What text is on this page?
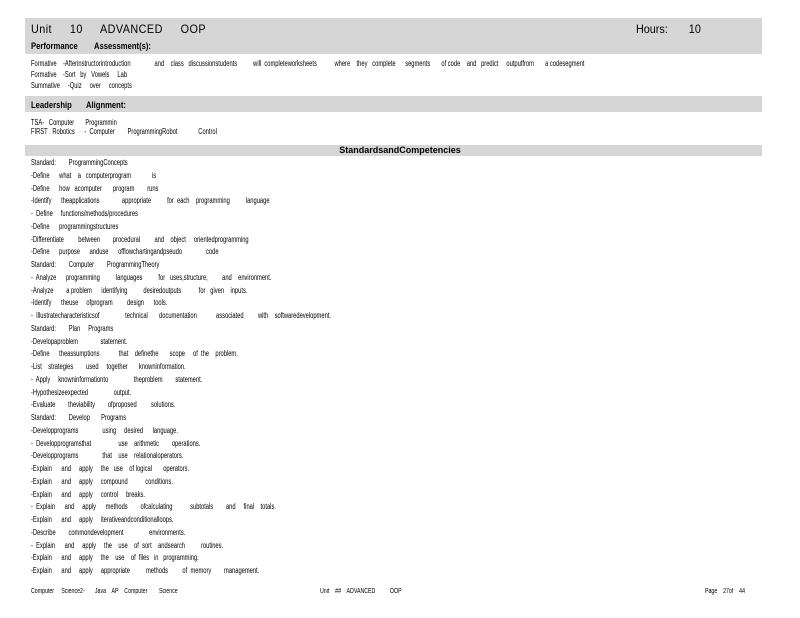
Unit 10 ADVANCED OOP	Hours: 10
Performance Assessment(s):
Formative    -Afterinstructorintroduction               and    class   discussionstudents          will  completeworksheets           where    they   complete      segments       of code    and   predict     outputfrom       a codesegment
Formative    -Sort   by   Vowels     Lab
Summative     -Quiz     over     concepts
Leadership Alignment:
TSA-   Computer       Programmin
FIRST   Robotics      -  Computer        ProgrammingRobot             Control
StandardsandCompetencies
Standard:        ProgrammingConcepts
-Define      what    a   computerprogram             is
-Define      how   acomputer       program        runs
-Identify      theapplications              appropriate          for  each    programming          language
-  Define     functions/methods/procedures
-Define      programmingstructures
-Differentiate         between        procedural         and    object     orientedprogramming
-Define      purpose      anduse      offlowchartingandpseudo               code
Standard:        Computer        ProgrammingTheory
-  Analyze      programming          languages          for   uses,structure,         and    environment.
-Analyze        a problem      identifying          desiredoutputs           for   given    inputs.
-Identify      theuse     ofprogram         design      tools.
-  Illustratecharacteristicsof                technical       documentation            associated         with    softwaredevelopment.
Standard:        Plan     Programs
-Developaproblem              statement.
-Define      theassumptions            that    definethe       scope     of  the    problem.
-List    strategies        used     together       knowninformation.
-  Apply     knowninformationto                theproblem        statement.
-Hypothesizeexpected                output.
-Evaluate        theviability        ofproposed         solutions.
Standard:        Develop       Programs
-Developprograms               using     desired      language.
-  Developprogramsthat                 use    arithmetic        operations.
-Developprograms               that    use    relationaloperators.
-Explain      and     apply     the   use    of logical       operators.
-Explain      and     apply     compound           conditions.
-Explain      and     apply     control     breaks.
-  Explain      and     apply      methods        ofcalculating           subtotals        and     final    totals.
-Explain      and     apply     iterativeandconditionalloops.
-Describe        commondevelopment                environments.
-  Explain      and     apply     the    use    of  sort    andsearch          routines.
-Explain      and     apply     the    use    of  files   in   programming.
-Explain      and     apply     appropriate          methods         of  memory        management.
Computer     Science2-       Java    AP    Computer        Science	Unit    ##    ADVANCED          OOP	Page    27of    44
